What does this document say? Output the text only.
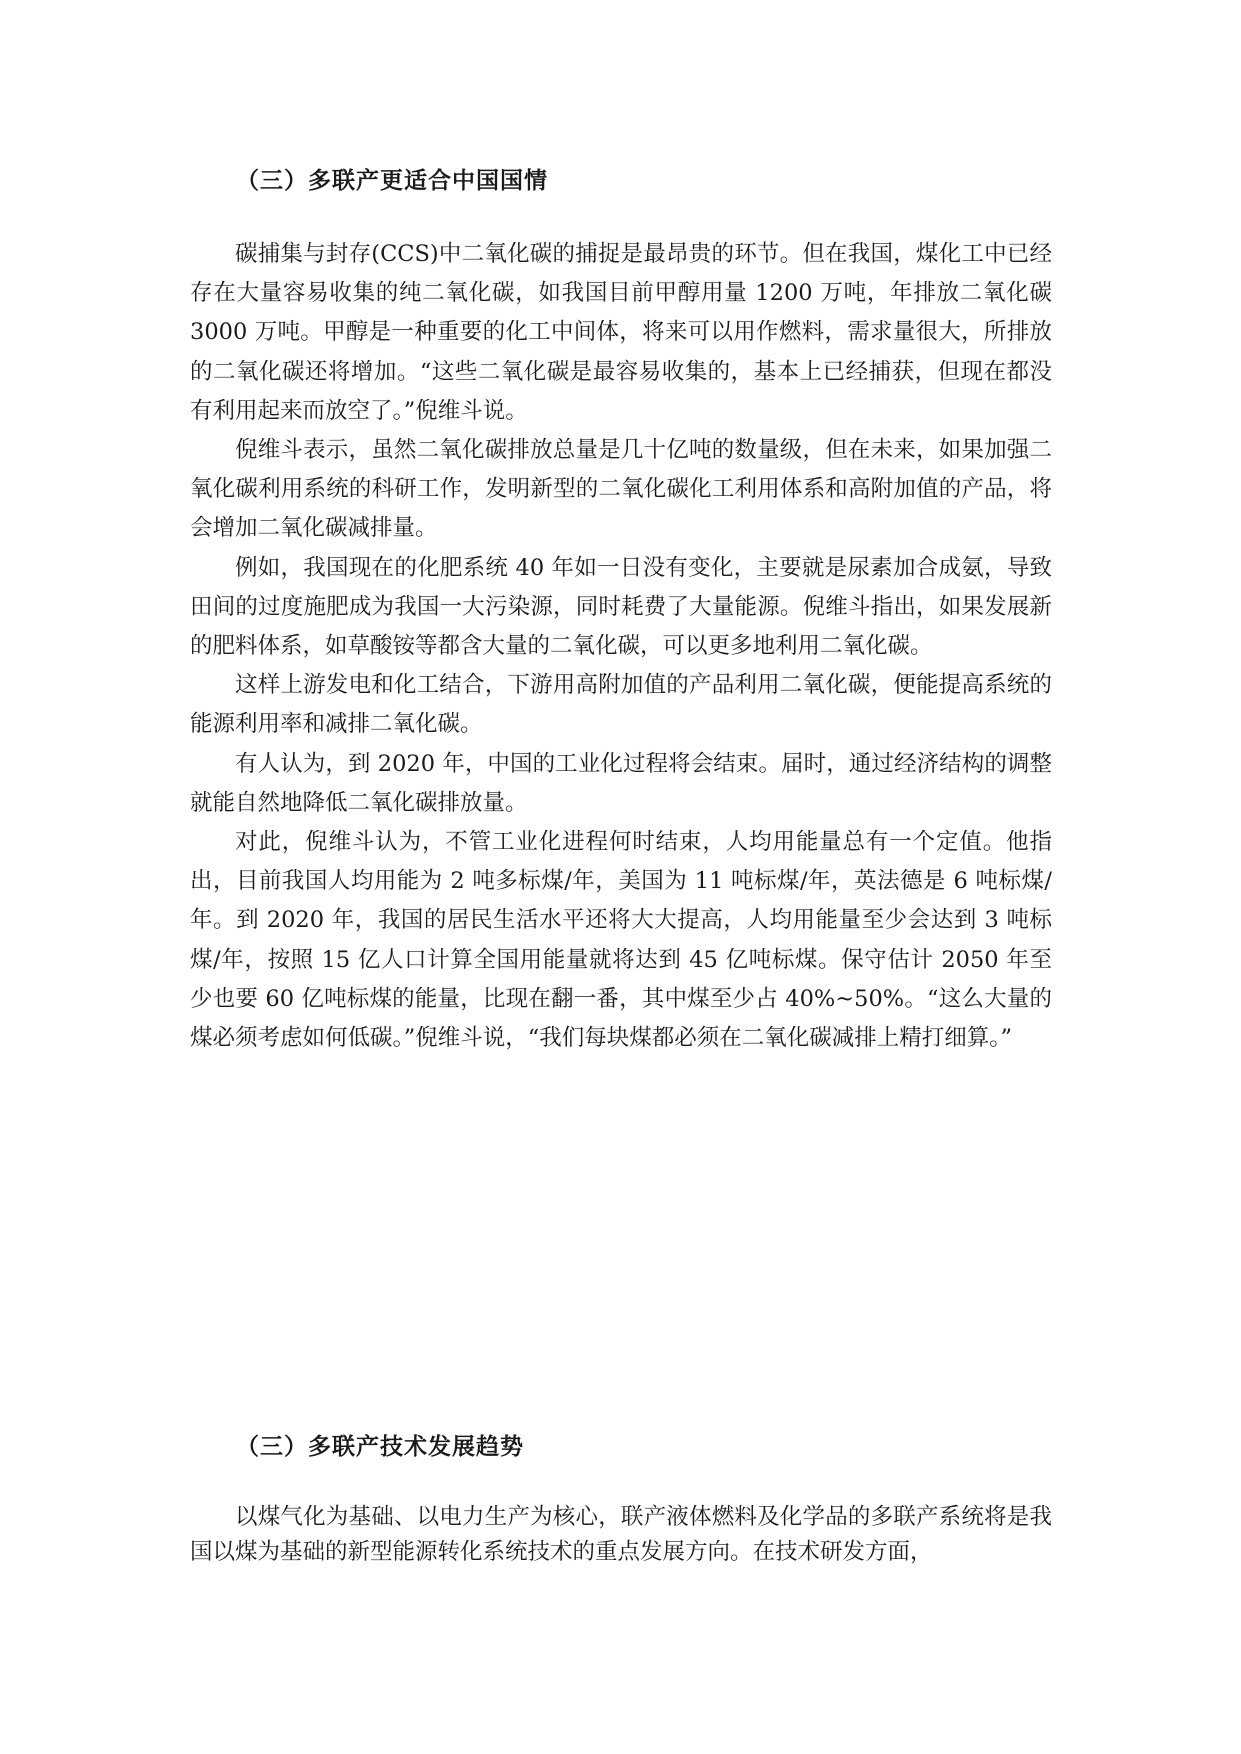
（三）多联产更适合中国国情

碳捕集与封存(CCS)中二氧化碳的捕捉是最昂贵的环节。但在我国，煤化工中已经存在大量容易收集的纯二氧化碳，如我国目前甲醇用量 1200 万吨，年排放二氧化碳 3000 万吨。甲醇是一种重要的化工中间体，将来可以用作燃料，需求量很大，所排放的二氧化碳还将增加。“这些二氧化碳是最容易收集的，基本上已经捕获，但现在都没有利用起来而放空了。”倪维斗说。

倪维斗表示，虽然二氧化碳排放总量是几十亿吨的数量级，但在未来，如果加强二氧化碳利用系统的科研工作，发明新型的二氧化碳化工利用体系和高附加值的产品，将会增加二氧化碳减排量。

例如，我国现在的化肥系统 40 年如一日没有变化，主要就是尿素加合成氨，导致田间的过度施肥成为我国一大污染源，同时耗费了大量能源。倪维斗指出，如果发展新的肥料体系，如草酸铵等都含大量的二氧化碳，可以更多地利用二氧化碳。

这样上游发电和化工结合，下游用高附加值的产品利用二氧化碳，便能提高系统的能源利用率和减排二氧化碳。

有人认为，到 2020 年，中国的工业化过程将会结束。届时，通过经济结构的调整就能自然地降低二氧化碳排放量。

对此，倪维斗认为，不管工业化进程何时结束，人均用能量总有一个定值。他指出，目前我国人均用能为 2 吨多标煤/年，美国为 11 吨标煤/年，英法德是 6 吨标煤/年。到 2020 年，我国的居民生活水平还将大大提高，人均用能量至少会达到 3 吨标煤/年，按照 15 亿人口计算全国用能量就将达到 45 亿吨标煤。保守估计 2050 年至少也要 60 亿吨标煤的能量，比现在翻一番，其中煤至少占 40%~50%。“这么大量的煤必须考虑如何低碳。”倪维斗说，“我们每块煤都必须在二氧化碳减排上精打细算。”

（三）多联产技术发展趋势

以煤气化为基础、以电力生产为核心，联产液体燃料及化学品的多联产系统将是我国以煤为基础的新型能源转化系统技术的重点发展方向。在技术研发方面，
